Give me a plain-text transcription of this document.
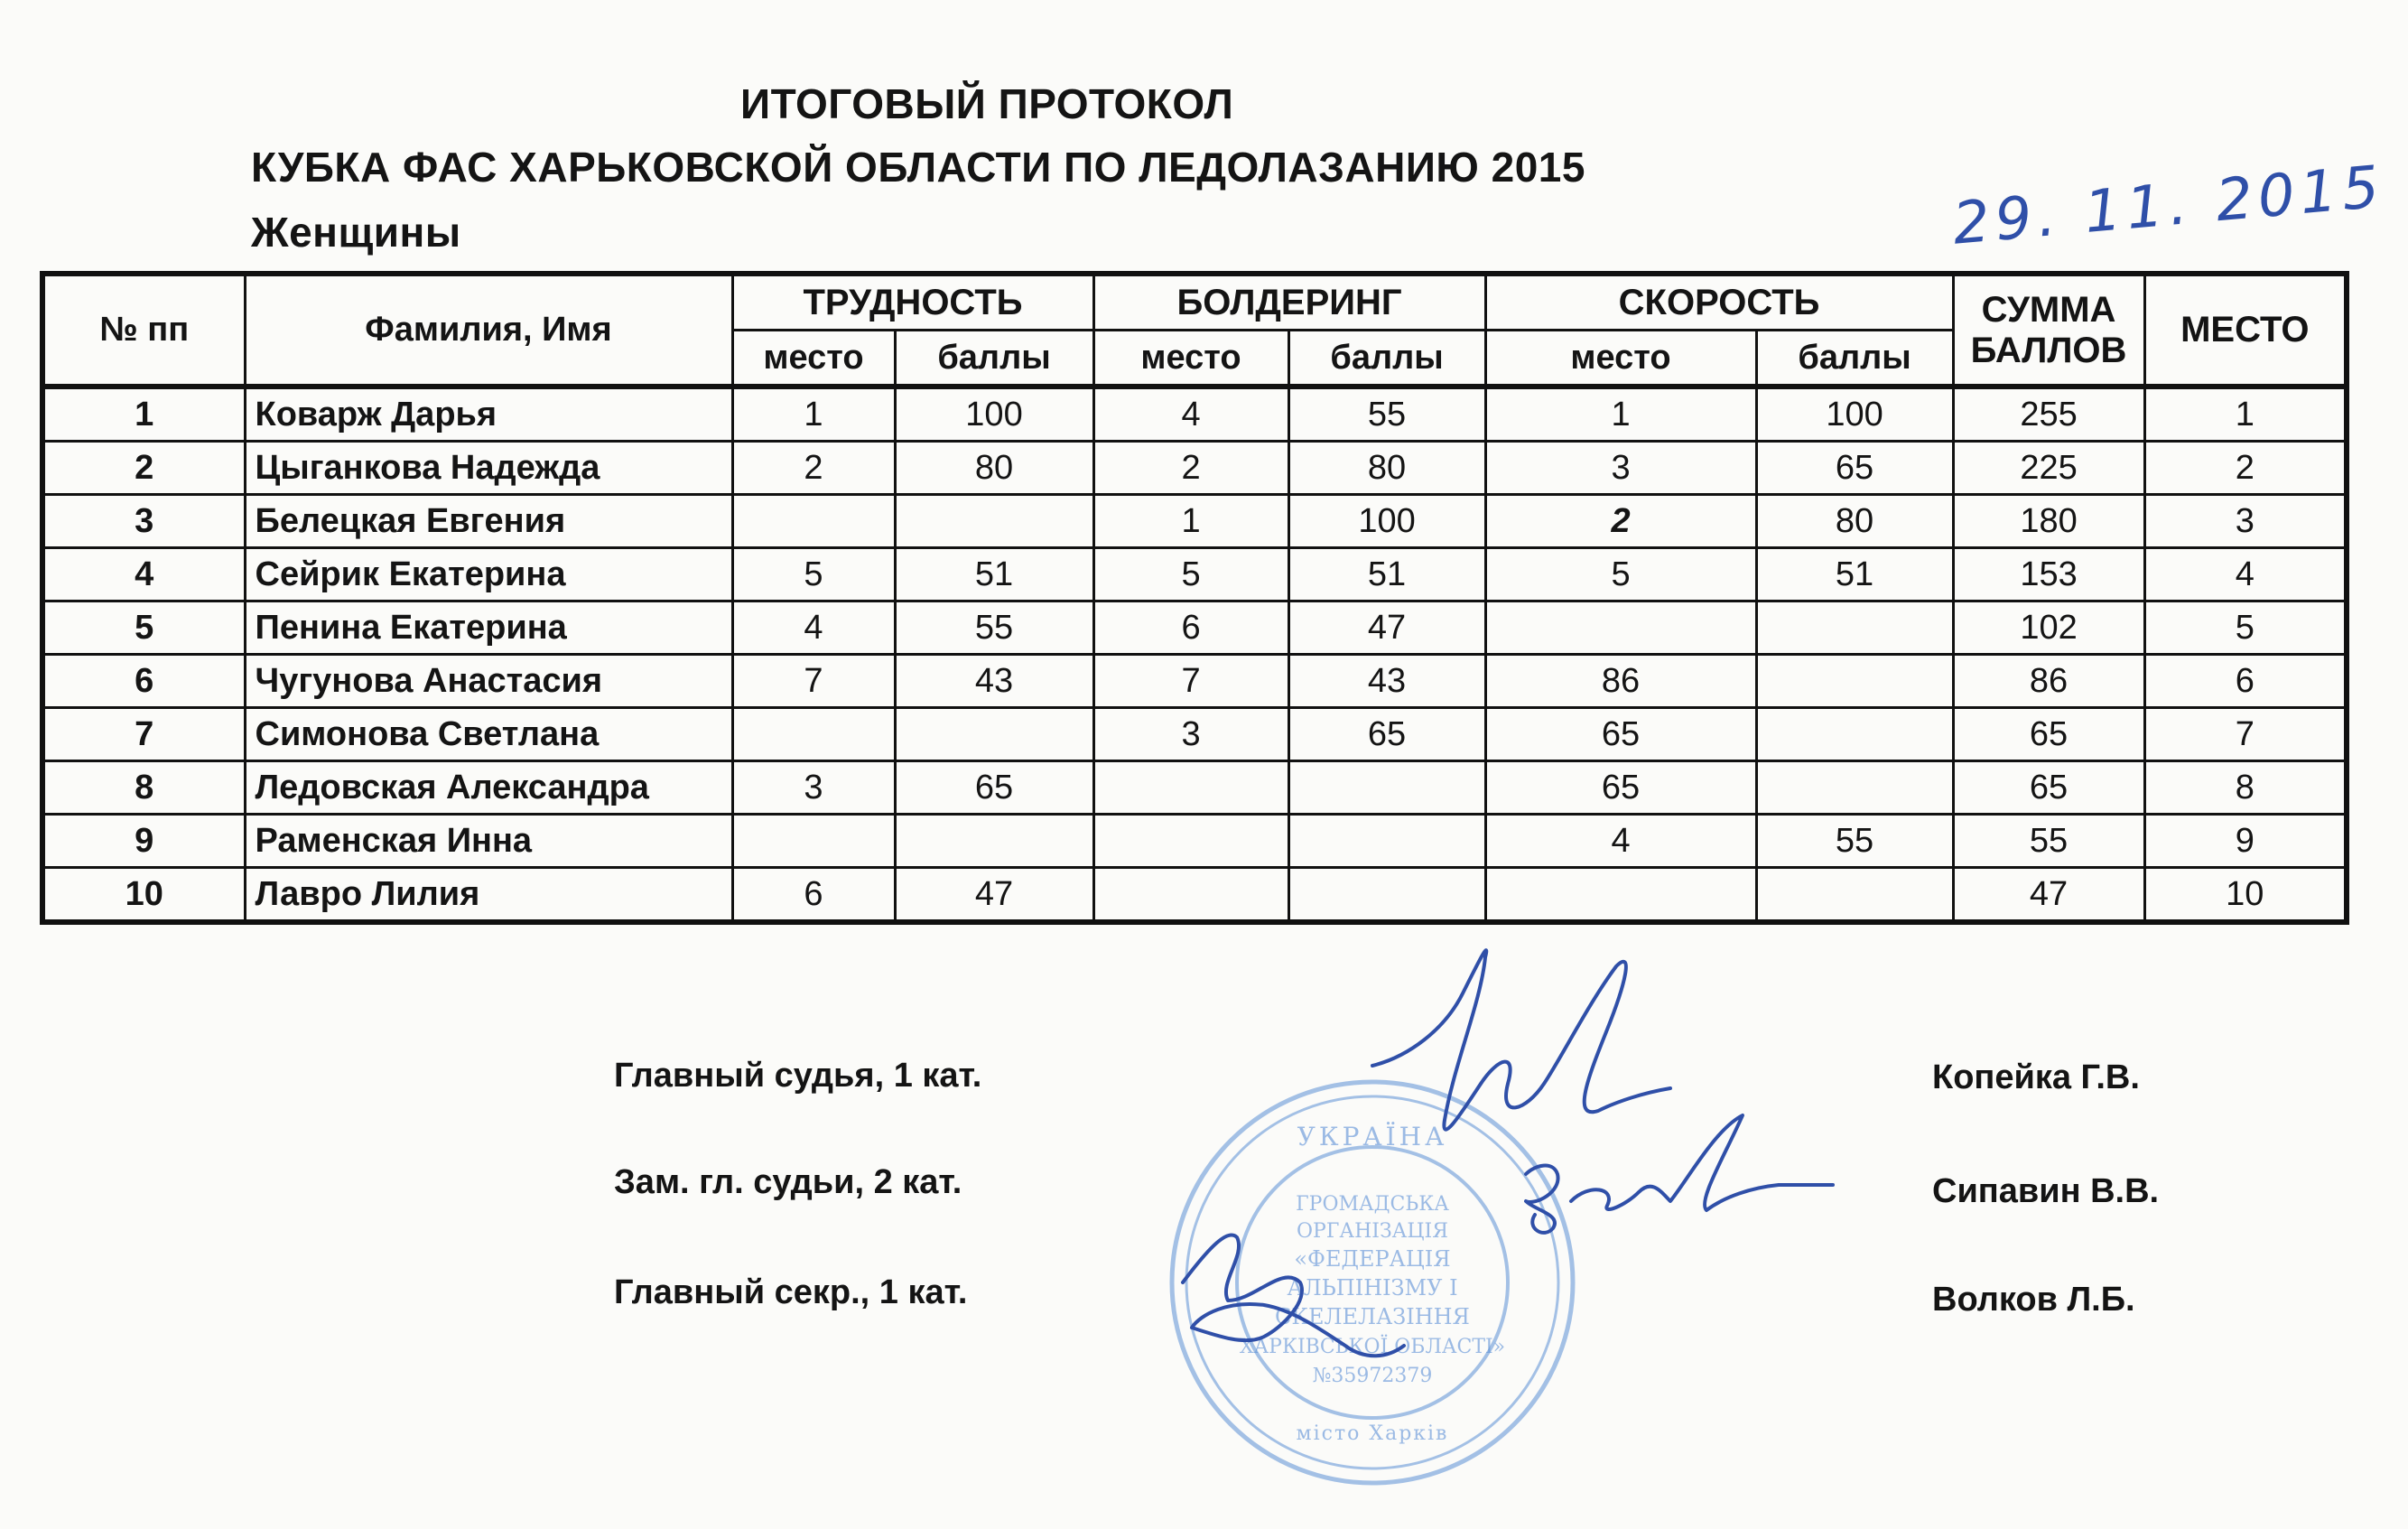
ИТОГОВЫЙ ПРОТОКОЛ
КУБКА ФАС ХАРЬКОВСКОЙ ОБЛАСТИ ПО ЛЕДОЛАЗАНИЮ 2015
Женщины	29. 11. 2015
№ пп	Фамилия, Имя	ТРУДНОСТЬ		БОЛДЕРИНГ		СКОРОСТЬ		СУММА
БАЛЛОВ	МЕСТО
		место	баллы	место	баллы	место	баллы		
1	Коварж Дарья	1	100	4	55	1	100	255	1
2	Цыганкова Надежда	2	80	2	80	3	65	225	2
3	Белецкая Евгения			1	100	2	80	180	3
4	Сейрик Екатерина	5	51	5	51	5	51	153	4
5	Пенина Екатерина	4	55	6	47			102	5
6	Чугунова Анастасия	7	43	7	43	86		86	6
7	Симонова Светлана			3	65	65		65	7
8	Ледовская Александра	3	65			65		65	8
9	Раменская Инна					4	55	55	9
10	Лавро Лилия	6	47					47	10
Главный судья, 1 кат.	Копейка Г.В.
Зам. гл. судьи, 2 кат.	Сипавин В.В.
Главный секр., 1 кат.	Волков Л.Б.
УКРАЇНА
ГРОМАДСЬКА
ОРГАНІЗАЦІЯ
«ФЕДЕРАЦІЯ
АЛЬПІНІЗМУ І
СКЕЛЕЛАЗІННЯ
ХАРКІВСЬКОЇ ОБЛАСТІ»
№35972379
місто Харків
